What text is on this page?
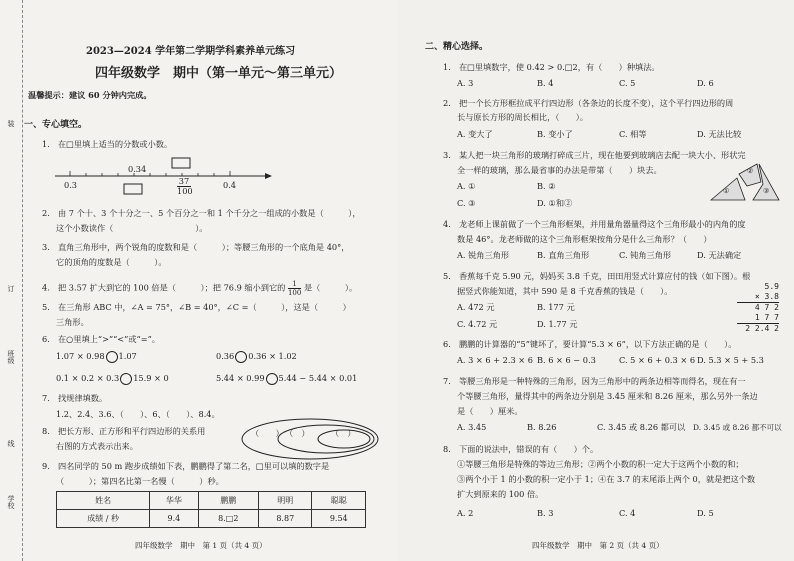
装
订
线
班级
学校
2023—2024 学年第二学期学科素养单元练习
四年级数学　期中（第一单元～第三单元）
温馨提示：建议 60 分钟内完成。
一、专心填空。
1.　在□里填上适当的分数或小数。
0.3	0.4
0.34
$\frac{37}{100}$
2.　由 7 个十、3 个十分之一、5 个百分之一和 1 个千分之一组成的小数是（　　　），
这个小数读作（　　　　　　　　　　）。
3.　直角三角形中，两个锐角的度数和是（　　　）；等腰三角形的一个底角是 40°，
它的顶角的度数是（　　　）。
4.　把 3.57 扩大到它的 100 倍是（　　　）；把 76.9 缩小到它的 $\frac{1}{100}$ 是（　　　）。
5.　在三角形 ABC 中，∠A = 75°，∠B = 40°，∠C =（　　　），这是（　　　）
三角形。
6.　在○里填上“>”“<”或“=”。
1.07 × 0.98 1.07	0.36 0.36 × 1.02
0.1 × 0.2 × 0.3 15.9 × 0	5.44 × 0.99 5.44 − 5.44 × 0.01
7.　找规律填数。
1.2、2.4、3.6、（　　）、6、（　　）、8.4。
8.　把长方形、正方形和平行四边形的关系用
右图的方式表示出来。
（　　 ） （　 ）	（　 ）
9.　四名同学的 50 m 跑步成绩如下表，鹏鹏得了第二名，□里可以填的数字是
（　　　）；第四名比第一名慢（　　　）秒。
姓名	华华	鹏鹏	明明	聪聪
成绩 / 秒	9.4	8.□2	8.87	9.54
四年级数学　期中　第 1 页（共 4 页）
二、精心选择。
1.　在□里填数字，使 0.42 > 0.□2，有（　　）种填法。
A. 3	B. 4	C. 5	D. 6
2.　把一个长方形框拉成平行四边形（各条边的长度不变），这个平行四边形的周
长与原长方形的周长相比，（　　）。
A. 变大了	B. 变小了	C. 相等	D. 无法比较
3.　某人把一块三角形的玻璃打碎成三片，现在他要到玻璃店去配一块大小、形状完
全一样的玻璃，那么最省事的办法是带第（　　）块去。
A. ①	B. ②
C. ③	D. ①和②
①
②
③
4.　龙老师上课前做了一个三角形框架，并用量角器量得这个三角形最小的内角的度
数是 46°。龙老师做的这个三角形框架按角分是什么三角形？（　　）
A. 锐角三角形	B. 直角三角形	C. 钝角三角形	D. 无法确定
5.　香蕉每千克 5.90 元，妈妈买 3.8 千克，田田用竖式计算应付的钱（如下图）。根
据竖式你能知道，其中 590 是 8 千克香蕉的钱是（　　）。
A. 472 元	B. 177 元
C. 4.72 元	D. 1.77 元
5.9
× 3.8
4 7 2
1 7 7
2 2.4 2
6.　鹏鹏的计算器的“5”键坏了，要计算“5.3 × 6”，以下方法正确的是（　　）。
A. 3 × 6 + 2.3 × 6 B. 6 × 6 − 0.3	C. 5 × 6 + 0.3 × 6 D. 5.3 × 5 + 5.3
7.　等腰三角形是一种特殊的三角形，因为三角形中的两条边相等而得名，现在有一
个等腰三角形，量得其中的两条边分别是 3.45 厘米和 8.26 厘米，那么另外一条边
是（　　）厘米。
A. 3.45	B. 8.26	C. 3.45 或 8.26 都可以 D. 3.45 或 8.26 都不可以
8.　下面的说法中，错误的有（　　）个。
①等腰三角形是特殊的等边三角形；②两个小数的积一定大于这两个小数的和；
③两个小于 1 的小数的积一定小于 1；④在 3.7 的末尾添上两个 0，就是把这个数
扩大到原来的 100 倍。
A. 2	B. 3	C. 4	D. 5
四年级数学　期中　第 2 页（共 4 页）
